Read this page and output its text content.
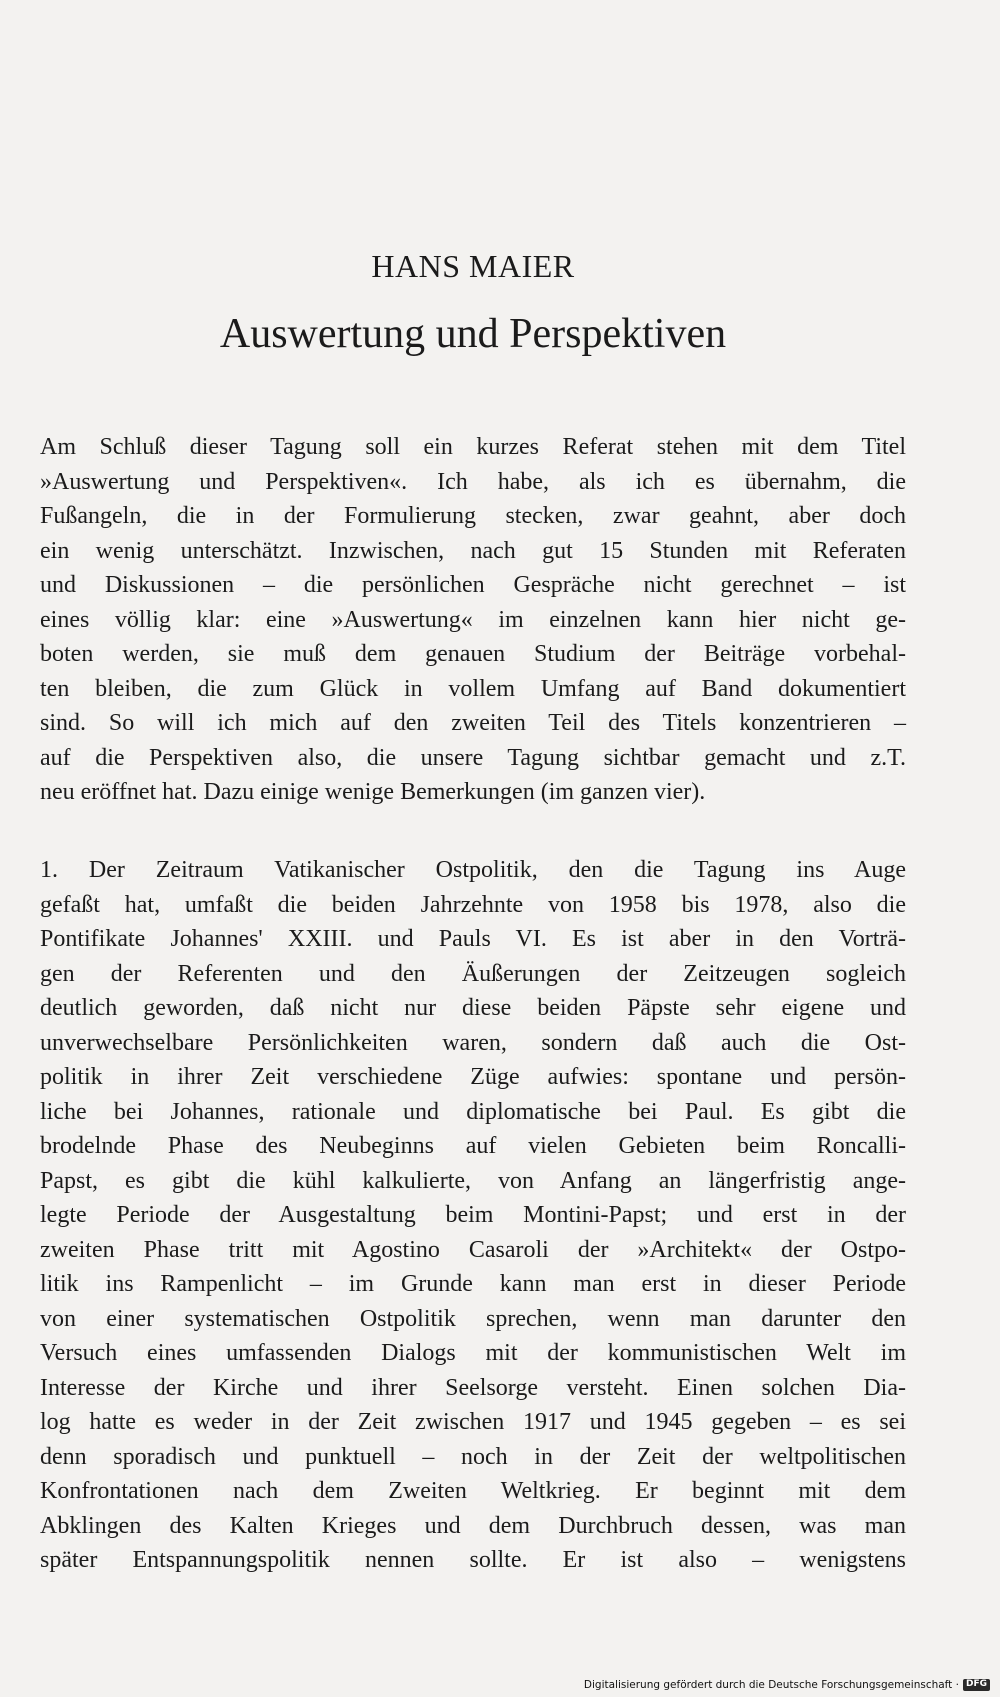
HANS MAIER
Auswertung und Perspektiven

Am Schluß dieser Tagung soll ein kurzes Referat stehen mit dem Titel
»Auswertung und Perspektiven«. Ich habe, als ich es übernahm, die
Fußangeln, die in der Formulierung stecken, zwar geahnt, aber doch
ein wenig unterschätzt. Inzwischen, nach gut 15 Stunden mit Referaten
und Diskussionen – die persönlichen Gespräche nicht gerechnet – ist
eines völlig klar: eine »Auswertung« im einzelnen kann hier nicht ge-
boten werden, sie muß dem genauen Studium der Beiträge vorbehal-
ten bleiben, die zum Glück in vollem Umfang auf Band dokumentiert
sind. So will ich mich auf den zweiten Teil des Titels konzentrieren –
auf die Perspektiven also, die unsere Tagung sichtbar gemacht und z.T.
neu eröffnet hat. Dazu einige wenige Bemerkungen (im ganzen vier).

1. Der Zeitraum Vatikanischer Ostpolitik, den die Tagung ins Auge
gefaßt hat, umfaßt die beiden Jahrzehnte von 1958 bis 1978, also die
Pontifikate Johannes' XXIII. und Pauls VI. Es ist aber in den Vorträ-
gen der Referenten und den Äußerungen der Zeitzeugen sogleich
deutlich geworden, daß nicht nur diese beiden Päpste sehr eigene und
unverwechselbare Persönlichkeiten waren, sondern daß auch die Ost-
politik in ihrer Zeit verschiedene Züge aufwies: spontane und persön-
liche bei Johannes, rationale und diplomatische bei Paul. Es gibt die
brodelnde Phase des Neubeginns auf vielen Gebieten beim Roncalli-
Papst, es gibt die kühl kalkulierte, von Anfang an längerfristig ange-
legte Periode der Ausgestaltung beim Montini-Papst; und erst in der
zweiten Phase tritt mit Agostino Casaroli der »Architekt« der Ostpo-
litik ins Rampenlicht – im Grunde kann man erst in dieser Periode
von einer systematischen Ostpolitik sprechen, wenn man darunter den
Versuch eines umfassenden Dialogs mit der kommunistischen Welt im
Interesse der Kirche und ihrer Seelsorge versteht. Einen solchen Dia-
log hatte es weder in der Zeit zwischen 1917 und 1945 gegeben – es sei
denn sporadisch und punktuell – noch in der Zeit der weltpolitischen
Konfrontationen nach dem Zweiten Weltkrieg. Er beginnt mit dem
Abklingen des Kalten Krieges und dem Durchbruch dessen, was man
später Entspannungspolitik nennen sollte. Er ist also – wenigstens

Digitalisierung gefördert durch die Deutsche Forschungsgemeinschaft · DFG
